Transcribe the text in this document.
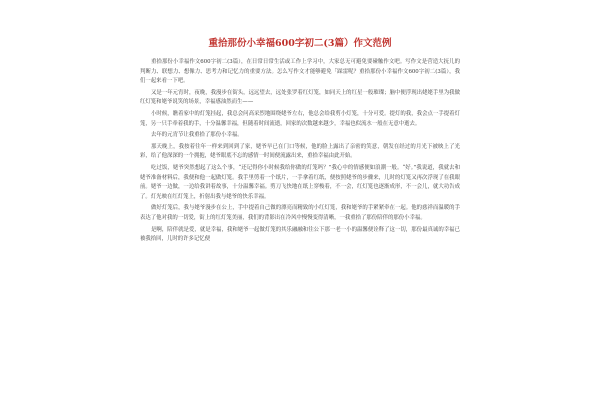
重拾那份小幸福600字初二(3篇）作文范例

重拾那份小幸福作文600字初二(3篇），在日常日常生活或工作上学习中，大家总无可避免要碰触作文吧。写作文是营造大抚儿的判断力、联想力、想像力、思考力和记忆力的重要方法。怎么写作文才能够避免「踩雷呢？重拾那份小幸福作文600字初二(3篇），我们一起来看一下吧。

又是一年元宵时，夜晚，我漫步在街头，远远望去，远处张罗着红灯笼，如同天上的红星一般璀璨；脑中便浮现出姥姥手里为我做红灯笼和姥爷说笑的场景，幸福感油然而生——

小时候，瞧着家中的灯笼挂起，我总会问高采烈地围绕姥爷左右，他总会给我剪小灯笼，十分可爱。提灯的我，我会点一手提着灯笼，另一只手牵着我的手，十分温馨幸福，但随着时间流逝，回家的次数越来越少，幸福也似流水一般在无意中逝去。

去年的元宵节让我重拾了那份小幸福。

那天晚上，我按着往年一样来到回到了家，姥爷早已在门口等候，他的脸上露出了亲密的笑意，朝发在经过的月光下被映上了光彩，给了他深深的一个拥抱，姥爷眼底不忘的感情一时间便流露出来，重拾幸福由此开始。

吃过饭，姥爷突然想起了这么个事，“还记得你小时候我给你做的灯笼吗？”我心中的情感便如浪潮一般。“好。”我说道，我就去和姥爷准备材料后，我便和他一起做灯笼。我手里剪着一个纸片，一手拿着红纸，便按照姥爷的步骤来，儿时的灯笼又再次浮现了在我眼前。姥爷一边做，一边给我讲着故事，十分温馨幸福。剪刀飞快地在纸上穿梭着，不一会，红灯笼也逐渐成形，不一会儿，就大功告成了。灯光映在红灯笼上，折射出我与姥爷的快乐幸福。

做好灯笼后，我与姥爷漫步在公上，手中提着自己做的漂亮而精致的小红灯笼，我和姥爷的手紧紧牵在一起。他的慈祥而温暖的手表达了他对我的一切爱，街上的红灯笼美丽，我们的背影出在冷风中慢慢变得清晰，一我重拾了那份陪伴的那份小幸福。

是啊，陪伴就是爱，就是幸福，我和姥爷一起做灯笼的其乐融融和往公下那一老一小的温馨便诠释了这一切，那份最真诚的幸福已被我拾回，儿时的许多记忆便
